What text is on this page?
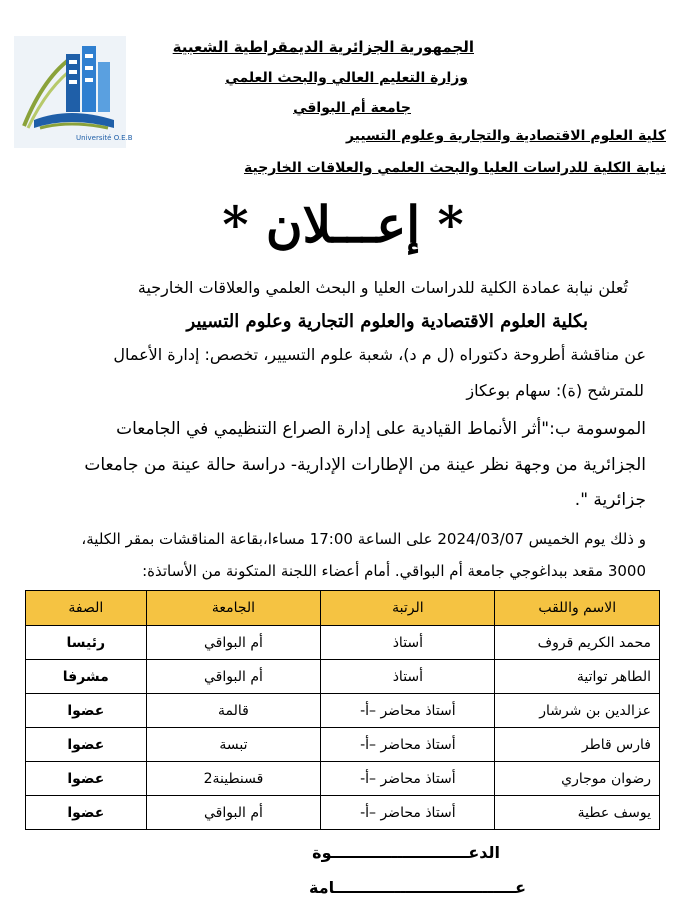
Université O.E.B
الجمهورية الجزائرية الديمقراطية الشعبية
وزارة التعليم العالي والبحث العلمي
جامعة أم البواقي
كلية العلوم الاقتصادية والتجارية وعلوم التسيير
نيابة الكلية للدراسات العليا والبحث العلمي والعلاقات الخارجية
* إعـــلان *
تُعلن نيابة عمادة الكلية للدراسات العليا و البحث العلمي والعلاقات الخارجية
بكلية العلوم الاقتصادية والعلوم التجارية وعلوم التسيير
عن مناقشة أطروحة دكتوراه (ل م د)، شعبة علوم التسيير، تخصص: إدارة الأعمال
للمترشح (ة): سهام بوعكاز
الموسومة ب:"أثر الأنماط القيادية على إدارة الصراع التنظيمي في الجامعات
الجزائرية من وجهة نظر عينة من الإطارات الإدارية- دراسة حالة عينة من جامعات
جزائرية ".
و ذلك يوم الخميس 2024/03/07 على الساعة 17:00 مساءا،بقاعة المناقشات بمقر الكلية،
3000 مقعد ببداغوجي جامعة أم البواقي. أمام أعضاء اللجنة المتكونة من الأساتذة:
الاسم واللقب	الرتبة	الجامعة	الصفة
محمد الكريم قروف	أستاذ	أم البواقي	رئيسا
الطاهر تواتية	أستاذ	أم البواقي	مشرفا
عزالدين بن شرشار	أستاذ محاضر –أ-	قالمة	عضوا
فارس قاطر	أستاذ محاضر –أ-	تبسة	عضوا
رضوان موجاري	أستاذ محاضر –أ-	قسنطينة2	عضوا
يوسف عطية	أستاذ محاضر –أ-	أم البواقي	عضوا
الدعـــــــــــــــــــــــــوة
عـــــــــــــــــــــــــــــــــامة
